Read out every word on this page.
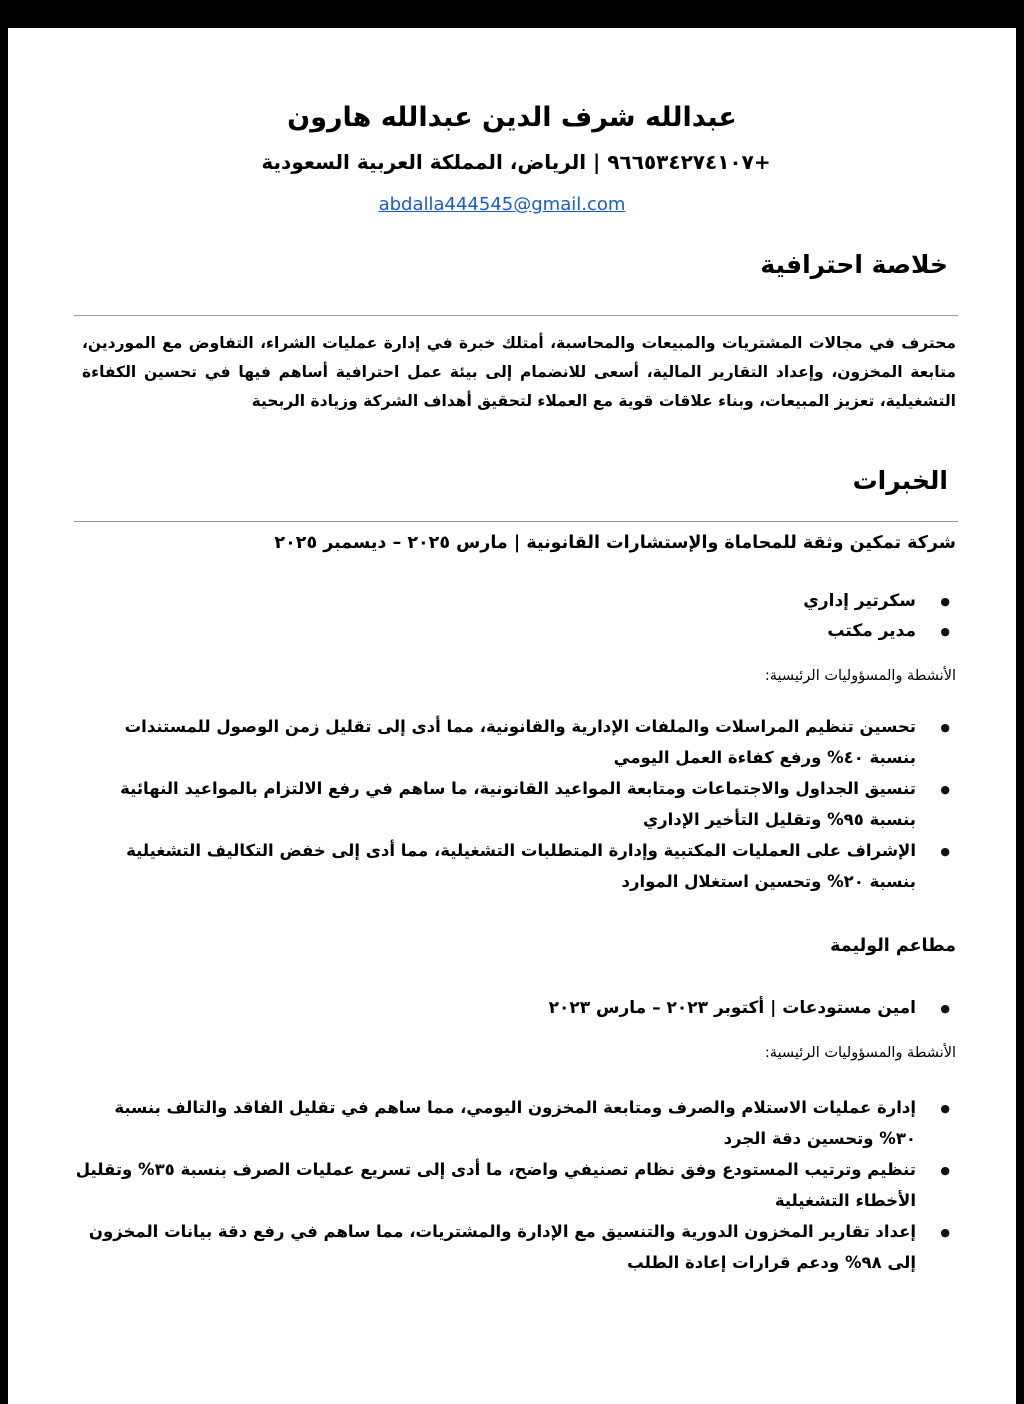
عبدالله شرف الدين عبدالله هارون

+٩٦٦٥٣٤٢٧٤١٠٧ | الرياض، المملكة العربية السعودية

abdalla444545@gmail.com

خلاصة احترافية

محترف في مجالات المشتريات والمبيعات والمحاسبة، أمتلك خبرة في إدارة عمليات الشراء، التفاوض مع الموردين، متابعة المخزون، وإعداد التقارير المالية، أسعى للانضمام إلى بيئة عمل احترافية أساهم فيها في تحسين الكفاءة التشغيلية، تعزيز المبيعات، وبناء علاقات قوية مع العملاء لتحقيق أهداف الشركة وزيادة الربحية

الخبرات

شركة تمكين وثقة للمحاماة والإستشارات القانونية | مارس ٢٠٢٥ – ديسمبر ٢٠٢٥

● سكرتير إداري
● مدير مكتب

الأنشطة والمسؤوليات الرئيسية:

● تحسين تنظيم المراسلات والملفات الإدارية والقانونية، مما أدى إلى تقليل زمن الوصول للمستندات بنسبة ٤٠% ورفع كفاءة العمل اليومي
● تنسيق الجداول والاجتماعات ومتابعة المواعيد القانونية، ما ساهم في رفع الالتزام بالمواعيد النهائية بنسبة ٩٥% وتقليل التأخير الإداري
● الإشراف على العمليات المكتبية وإدارة المتطلبات التشغيلية، مما أدى إلى خفض التكاليف التشغيلية بنسبة ٢٠% وتحسين استغلال الموارد

مطاعم الوليمة

● امين مستودعات | أكتوبر ٢٠٢٣ – مارس ٢٠٢٣

الأنشطة والمسؤوليات الرئيسية:

● إدارة عمليات الاستلام والصرف ومتابعة المخزون اليومي، مما ساهم في تقليل الفاقد والتالف بنسبة ٣٠% وتحسين دقة الجرد
● تنظيم وترتيب المستودع وفق نظام تصنيفي واضح، ما أدى إلى تسريع عمليات الصرف بنسبة ٣٥% وتقليل الأخطاء التشغيلية
● إعداد تقارير المخزون الدورية والتنسيق مع الإدارة والمشتريات، مما ساهم في رفع دقة بيانات المخزون إلى ٩٨% ودعم قرارات إعادة الطلب
